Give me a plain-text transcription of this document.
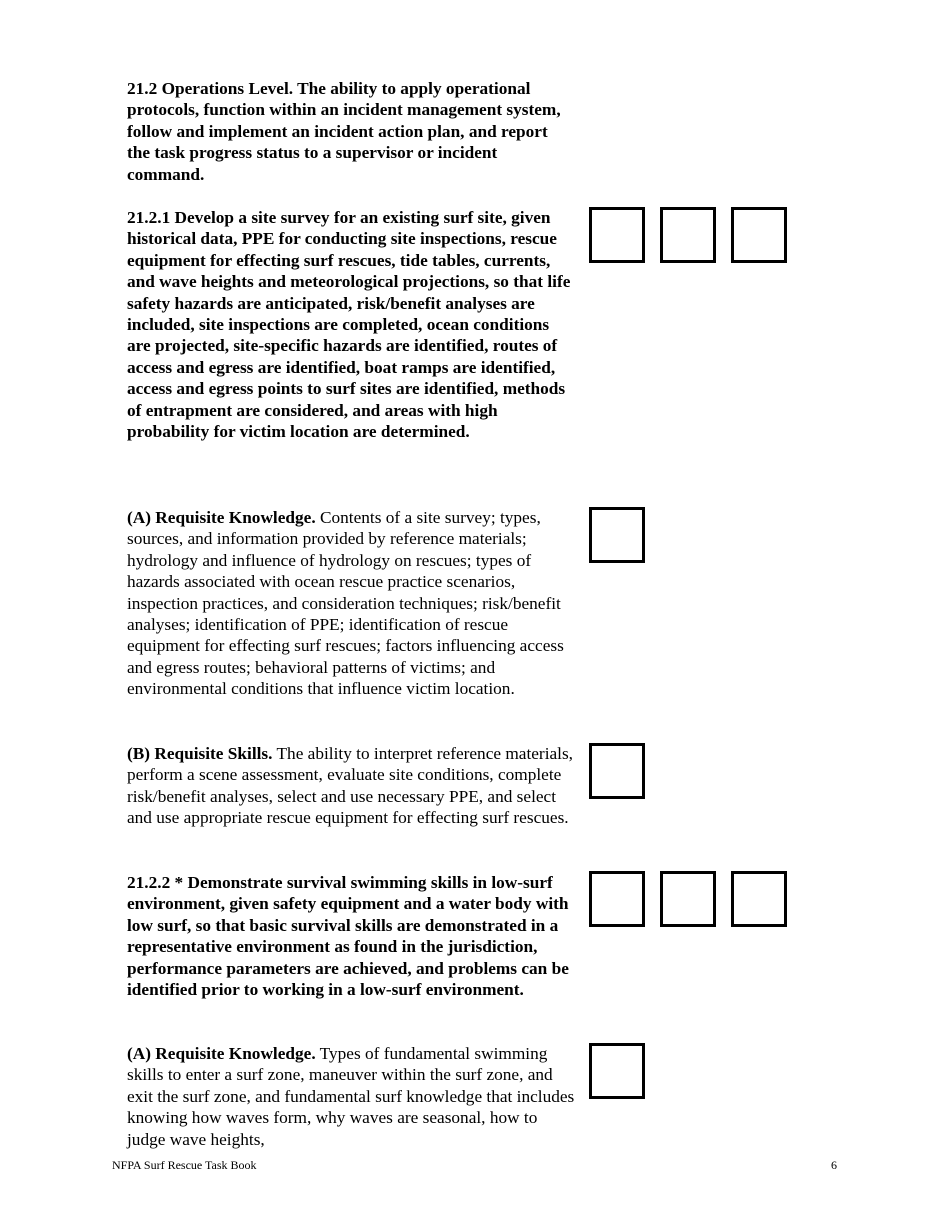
21.2 Operations Level. The ability to apply operational protocols, function within an incident management system, follow and implement an incident action plan, and report the task progress status to a supervisor or incident command.

21.2.1 Develop a site survey for an existing surf site, given historical data, PPE for conducting site inspections, rescue equipment for effecting surf rescues, tide tables, currents, and wave heights and meteorological projections, so that life safety hazards are anticipated, risk/benefit analyses are included, site inspections are completed, ocean conditions are projected, site-specific hazards are identified, routes of access and egress are identified, boat ramps are identified, access and egress points to surf sites are identified, methods of entrapment are considered, and areas with high probability for victim location are determined.

(A) Requisite Knowledge. Contents of a site survey; types, sources, and information provided by reference materials; hydrology and influence of hydrology on rescues; types of hazards associated with ocean rescue practice scenarios, inspection practices, and consideration techniques; risk/benefit analyses; identification of PPE; identification of rescue equipment for effecting surf rescues; factors influencing access and egress routes; behavioral patterns of victims; and environmental conditions that influence victim location.

(B) Requisite Skills. The ability to interpret reference materials, perform a scene assessment, evaluate site conditions, complete risk/benefit analyses, select and use necessary PPE, and select and use appropriate rescue equipment for effecting surf rescues.

21.2.2 * Demonstrate survival swimming skills in low-surf environment, given safety equipment and a water body with low surf, so that basic survival skills are demonstrated in a representative environment as found in the jurisdiction, performance parameters are achieved, and problems can be identified prior to working in a low-surf environment.

(A) Requisite Knowledge. Types of fundamental swimming skills to enter a surf zone, maneuver within the surf zone, and exit the surf zone, and fundamental surf knowledge that includes knowing how waves form, why waves are seasonal, how to judge wave heights,

NFPA Surf Rescue Task Book	6
